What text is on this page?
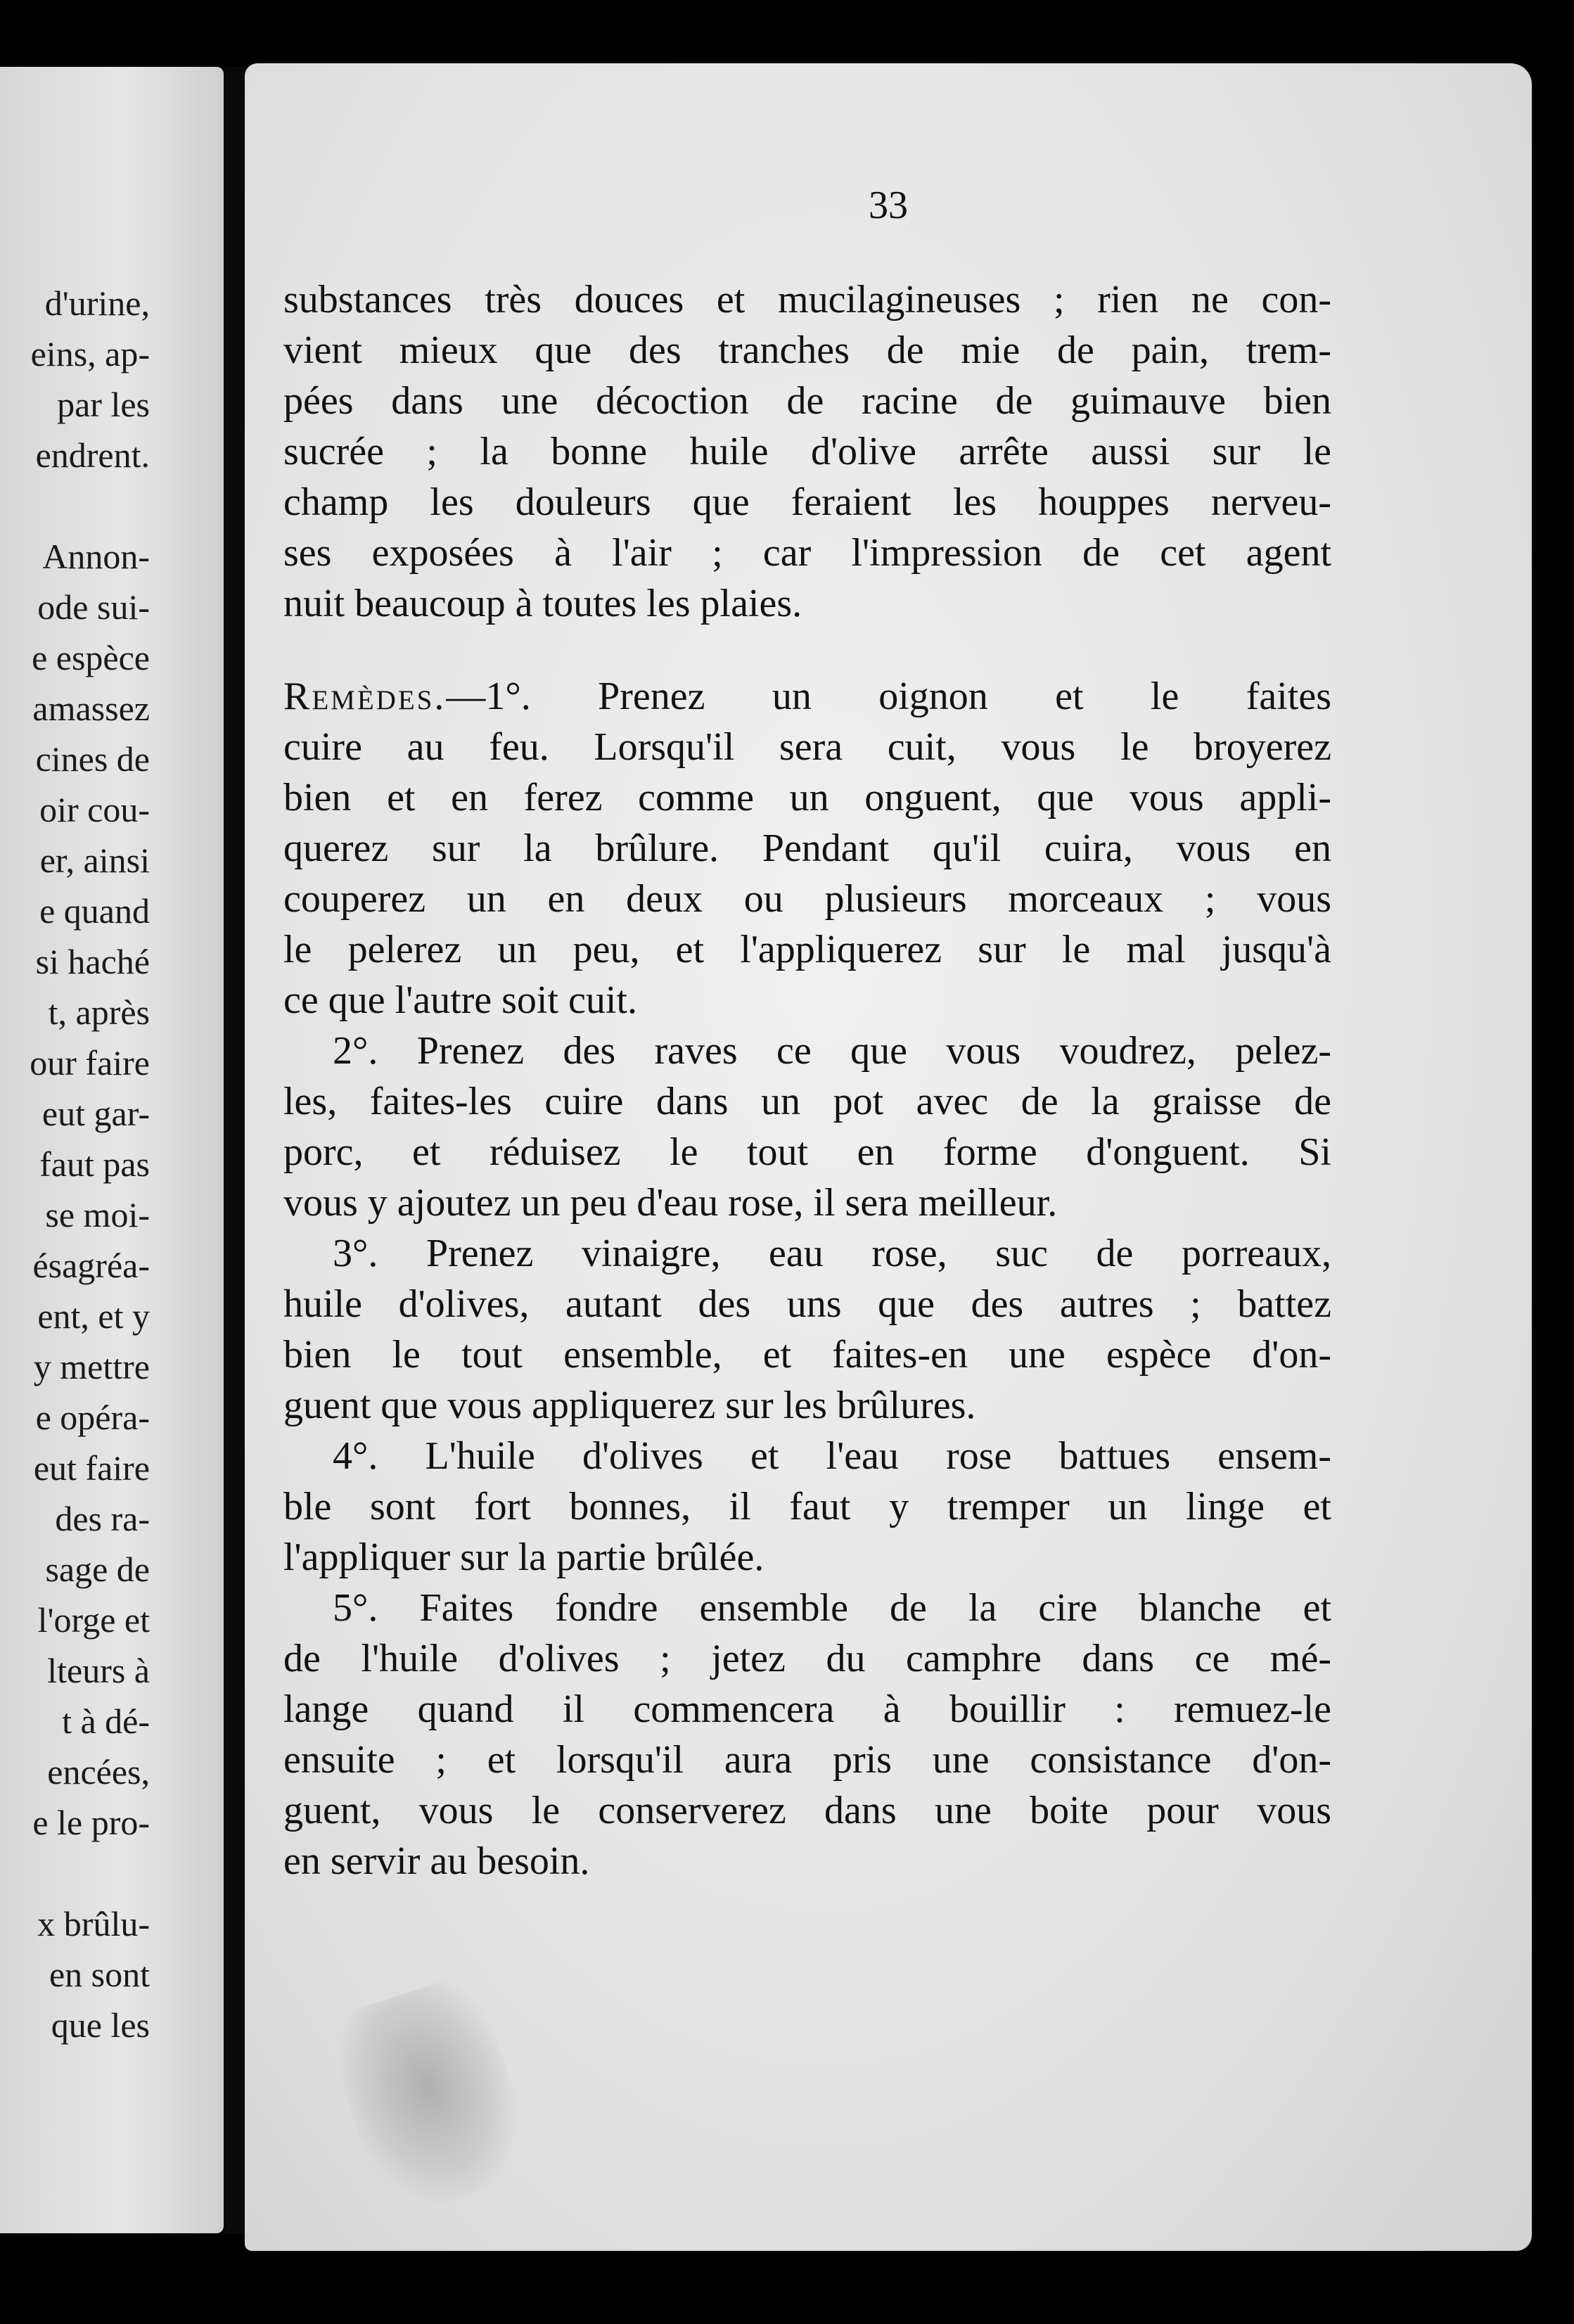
d'urine,
eins, ap-
par les
endrent.
Annon-
ode sui-
e espèce
amassez
cines de
oir cou-
er, ainsi
e quand
si haché
t, après
our faire
eut gar-
faut pas
se moi-
ésagréa-
ent, et y
y mettre
e opéra-
eut faire
des ra-
sage de
l'orge et
lteurs à
t à dé-
encées,
e le pro-
x brûlu-
en sont
que les
33
substances très douces et mucilagineuses ; rien ne con-
vient mieux que des tranches de mie de pain, trem-
pées dans une décoction de racine de guimauve bien
sucrée ; la bonne huile d'olive arrête aussi sur le
champ les douleurs que feraient les houppes nerveu-
ses exposées à l'air ; car l'impression de cet agent
nuit beaucoup à toutes les plaies.
Remèdes.—1°. Prenez un oignon et le faites
cuire au feu. Lorsqu'il sera cuit, vous le broyerez
bien et en ferez comme un onguent, que vous appli-
querez sur la brûlure. Pendant qu'il cuira, vous en
couperez un en deux ou plusieurs morceaux ; vous
le pelerez un peu, et l'appliquerez sur le mal jusqu'à
ce que l'autre soit cuit.
2°. Prenez des raves ce que vous voudrez, pelez-
les, faites-les cuire dans un pot avec de la graisse de
porc, et réduisez le tout en forme d'onguent. Si
vous y ajoutez un peu d'eau rose, il sera meilleur.
3°. Prenez vinaigre, eau rose, suc de porreaux,
huile d'olives, autant des uns que des autres ; battez
bien le tout ensemble, et faites-en une espèce d'on-
guent que vous appliquerez sur les brûlures.
4°. L'huile d'olives et l'eau rose battues ensem-
ble sont fort bonnes, il faut y tremper un linge et
l'appliquer sur la partie brûlée.
5°. Faites fondre ensemble de la cire blanche et
de l'huile d'olives ; jetez du camphre dans ce mé-
lange quand il commencera à bouillir : remuez-le
ensuite ; et lorsqu'il aura pris une consistance d'on-
guent, vous le conserverez dans une boite pour vous
en servir au besoin.
